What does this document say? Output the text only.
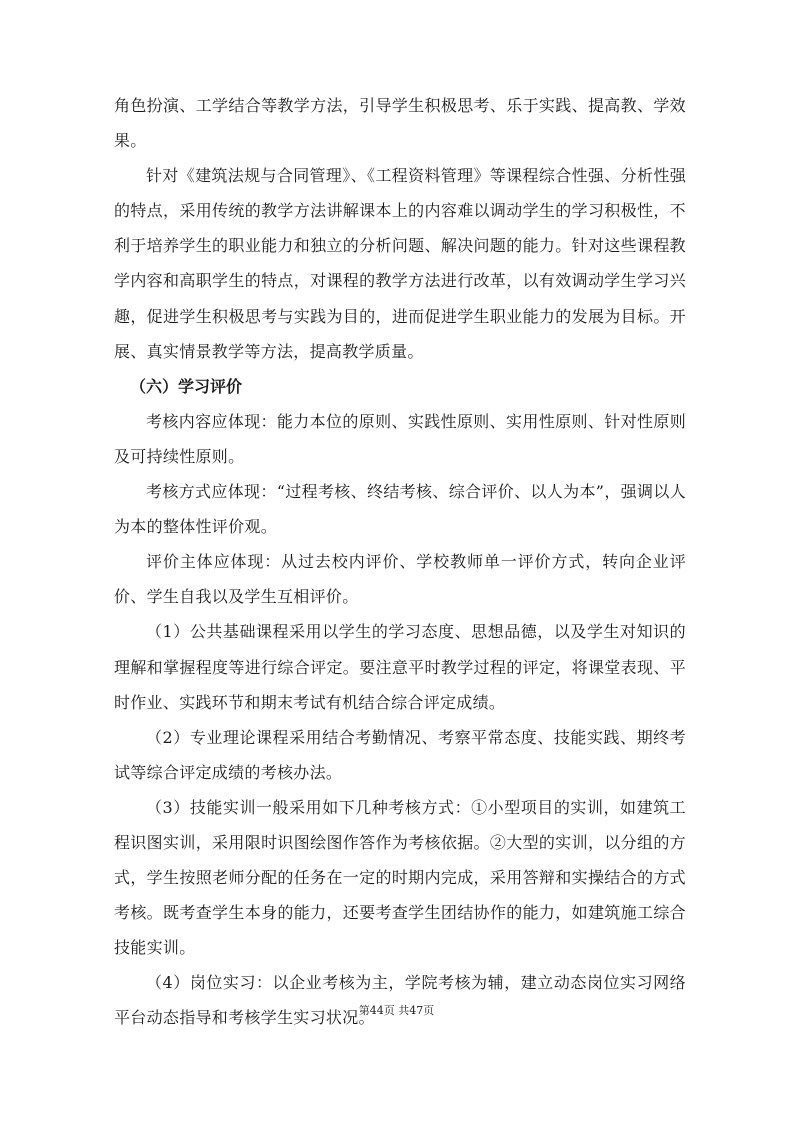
角色扮演、工学结合等教学方法，引导学生积极思考、乐于实践、提高教、学效果。

针对《建筑法规与合同管理》、《工程资料管理》等课程综合性强、分析性强的特点，采用传统的教学方法讲解课本上的内容难以调动学生的学习积极性，不利于培养学生的职业能力和独立的分析问题、解决问题的能力。针对这些课程教学内容和高职学生的特点，对课程的教学方法进行改革，以有效调动学生学习兴趣，促进学生积极思考与实践为目的，进而促进学生职业能力的发展为目标。开展、真实情景教学等方法，提高教学质量。

（六）学习评价

考核内容应体现：能力本位的原则、实践性原则、实用性原则、针对性原则及可持续性原则。

考核方式应体现：“过程考核、终结考核、综合评价、以人为本”，强调以人为本的整体性评价观。

评价主体应体现：从过去校内评价、学校教师单一评价方式，转向企业评价、学生自我以及学生互相评价。

（1）公共基础课程采用以学生的学习态度、思想品德，以及学生对知识的理解和掌握程度等进行综合评定。要注意平时教学过程的评定，将课堂表现、平时作业、实践环节和期末考试有机结合综合评定成绩。

（2）专业理论课程采用结合考勤情况、考察平常态度、技能实践、期终考试等综合评定成绩的考核办法。

（3）技能实训一般采用如下几种考核方式：①小型项目的实训，如建筑工程识图实训，采用限时识图绘图作答作为考核依据。②大型的实训，以分组的方式，学生按照老师分配的任务在一定的时期内完成，采用答辩和实操结合的方式考核。既考查学生本身的能力，还要考查学生团结协作的能力，如建筑施工综合技能实训。

（4）岗位实习：以企业考核为主，学院考核为辅，建立动态岗位实习网络平台动态指导和考核学生实习状况。

第44页 共47页
